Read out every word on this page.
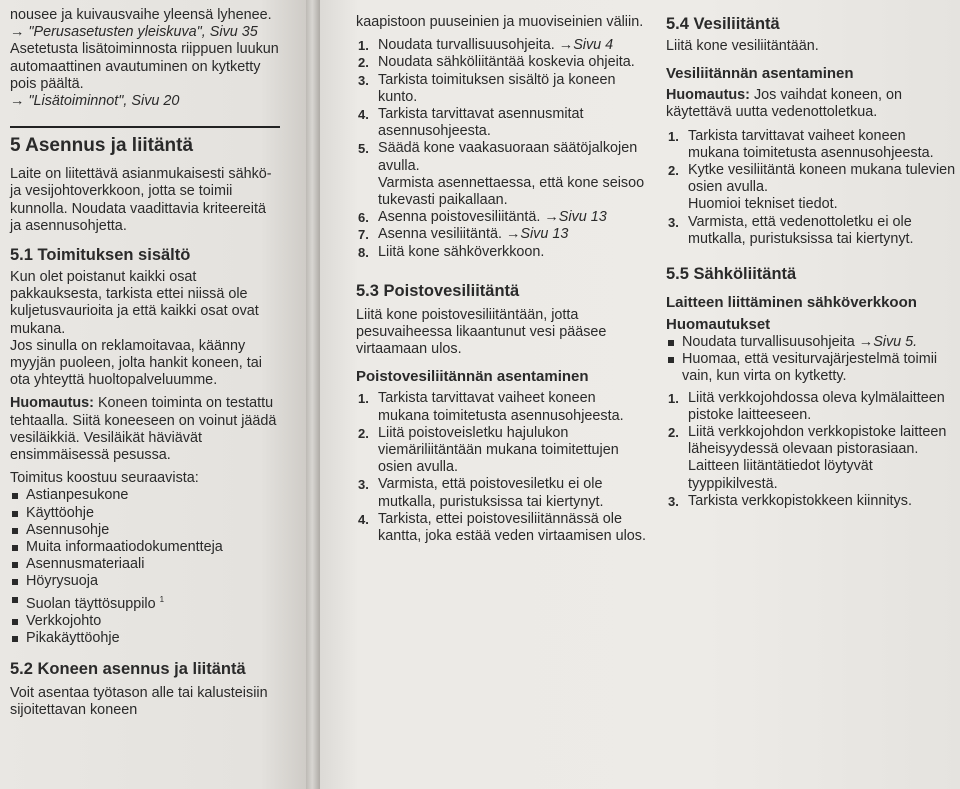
nousee ja kuivausvaihe yleensä lyhenee.

→ "Perusasetusten yleiskuva", Sivu 35

Asetetusta lisätoiminnosta riippuen luukun automaattinen avautuminen on kytketty pois päältä.

→ "Lisätoiminnot", Sivu 20

5 Asennus ja liitäntä

Laite on liitettävä asianmukaisesti sähkö- ja vesijohtoverkkoon, jotta se toimii kunnolla. Noudata vaadittavia kriteereitä ja asennusohjetta.

5.1 Toimituksen sisältö

Kun olet poistanut kaikki osat pakkauksesta, tarkista ettei niissä ole kuljetusvaurioita ja että kaikki osat ovat mukana.

Jos sinulla on reklamoitavaa, käänny myyjän puoleen, jolta hankit koneen, tai ota yhteyttä huoltopalveluumme.

Huomautus: Koneen toiminta on testattu tehtaalla. Siitä koneeseen on voinut jäädä vesiläikkiä. Vesiläikät häviävät ensimmäisessä pesussa.

Toimitus koostuu seuraavista:

Astianpesukone
Käyttöohje
Asennusohje
Muita informaatiodokumentteja
Asennusmateriaali
Höyrysuoja
Suolan täyttösuppilo $^1$
Verkkojohto
Pikakäyttöohje
5.2 Koneen asennus ja liitäntä

Voit asentaa työtason alle tai kalusteisiin sijoitettavan koneen

kaapistoon puuseinien ja muoviseinien väliin.

1. Noudata turvallisuusohjeita. →Sivu 4
2. Noudata sähköliitäntää koskevia ohjeita.
3. Tarkista toimituksen sisältö ja koneen kunto.
4. Tarkista tarvittavat asennusmitat asennusohjeesta.
5. Säädä kone vaakasuoraan säätöjalkojen avulla.
Varmista asennettaessa, että kone seisoo tukevasti paikallaan.
6. Asenna poistovesiliitäntä. →Sivu 13
7. Asenna vesiliitäntä. →Sivu 13
8. Liitä kone sähköverkkoon.
5.3 Poistovesiliitäntä

Liitä kone poistovesiliitäntään, jotta pesuvaiheessa likaantunut vesi pääsee virtaamaan ulos.

Poistovesiliitännän asentaminen
1. Tarkista tarvittavat vaiheet koneen mukana toimitetusta asennusohjeesta.
2. Liitä poistoveisletku hajulukon viemäriliitäntään mukana toimitettujen osien avulla.
3. Varmista, että poistovesiletku ei ole mutkalla, puristuksissa tai kiertynyt.
4. Tarkista, ettei poistovesiliitännässä ole kantta, joka estää veden virtaamisen ulos.
5.4 Vesiliitäntä

Liitä kone vesiliitäntään.

Vesiliitännän asentaminen

Huomautus: Jos vaihdat koneen, on käytettävä uutta vedenottoletkua.

1. Tarkista tarvittavat vaiheet koneen mukana toimitetusta asennusohjeesta.
2. Kytke vesiliitäntä koneen mukana tulevien osien avulla.
Huomioi tekniset tiedot.
3. Varmista, että vedenottoletku ei ole mutkalla, puristuksissa tai kiertynyt.
5.5 Sähköliitäntä
Laitteen liittäminen sähköverkkoon
Huomautukset
Noudata turvallisuusohjeita →Sivu 5.
Huomaa, että vesiturvajärjestelmä toimii vain, kun virta on kytketty.
1. Liitä verkkojohdossa oleva kylmälaitteen pistoke laitteeseen.
2. Liitä verkkojohdon verkkopistoke laitteen läheisyydessä olevaan pistorasiaan.
Laitteen liitäntätiedot löytyvät tyyppikilvestä.
3. Tarkista verkkopistokkeen kiinnitys.
